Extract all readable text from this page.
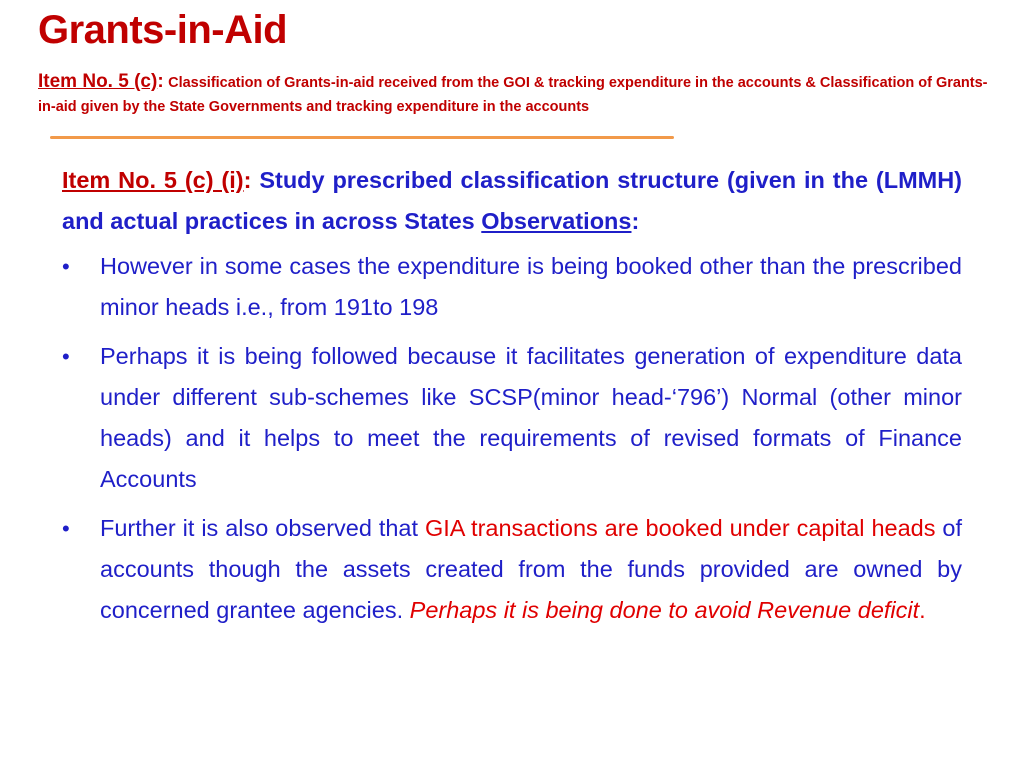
Grants-in-Aid
Item No. 5 (c): Classification of Grants-in-aid received from the GOI & tracking expenditure in the accounts & Classification of Grants-in-aid given by the State Governments and tracking expenditure in the accounts

Item No. 5 (c) (i): Study prescribed classification structure (given in the (LMMH) and actual practices in across States Observations:

• However in some cases the expenditure is being booked other than the prescribed minor heads i.e., from 191to 198
• Perhaps it is being followed because it facilitates generation of expenditure data under different sub-schemes like SCSP(minor head-‘796’) Normal (other minor heads) and it helps to meet the requirements of revised formats of Finance Accounts
• Further it is also observed that GIA transactions are booked under capital heads of accounts though the assets created from the funds provided are owned by concerned grantee agencies. Perhaps it is being done to avoid Revenue deficit.
